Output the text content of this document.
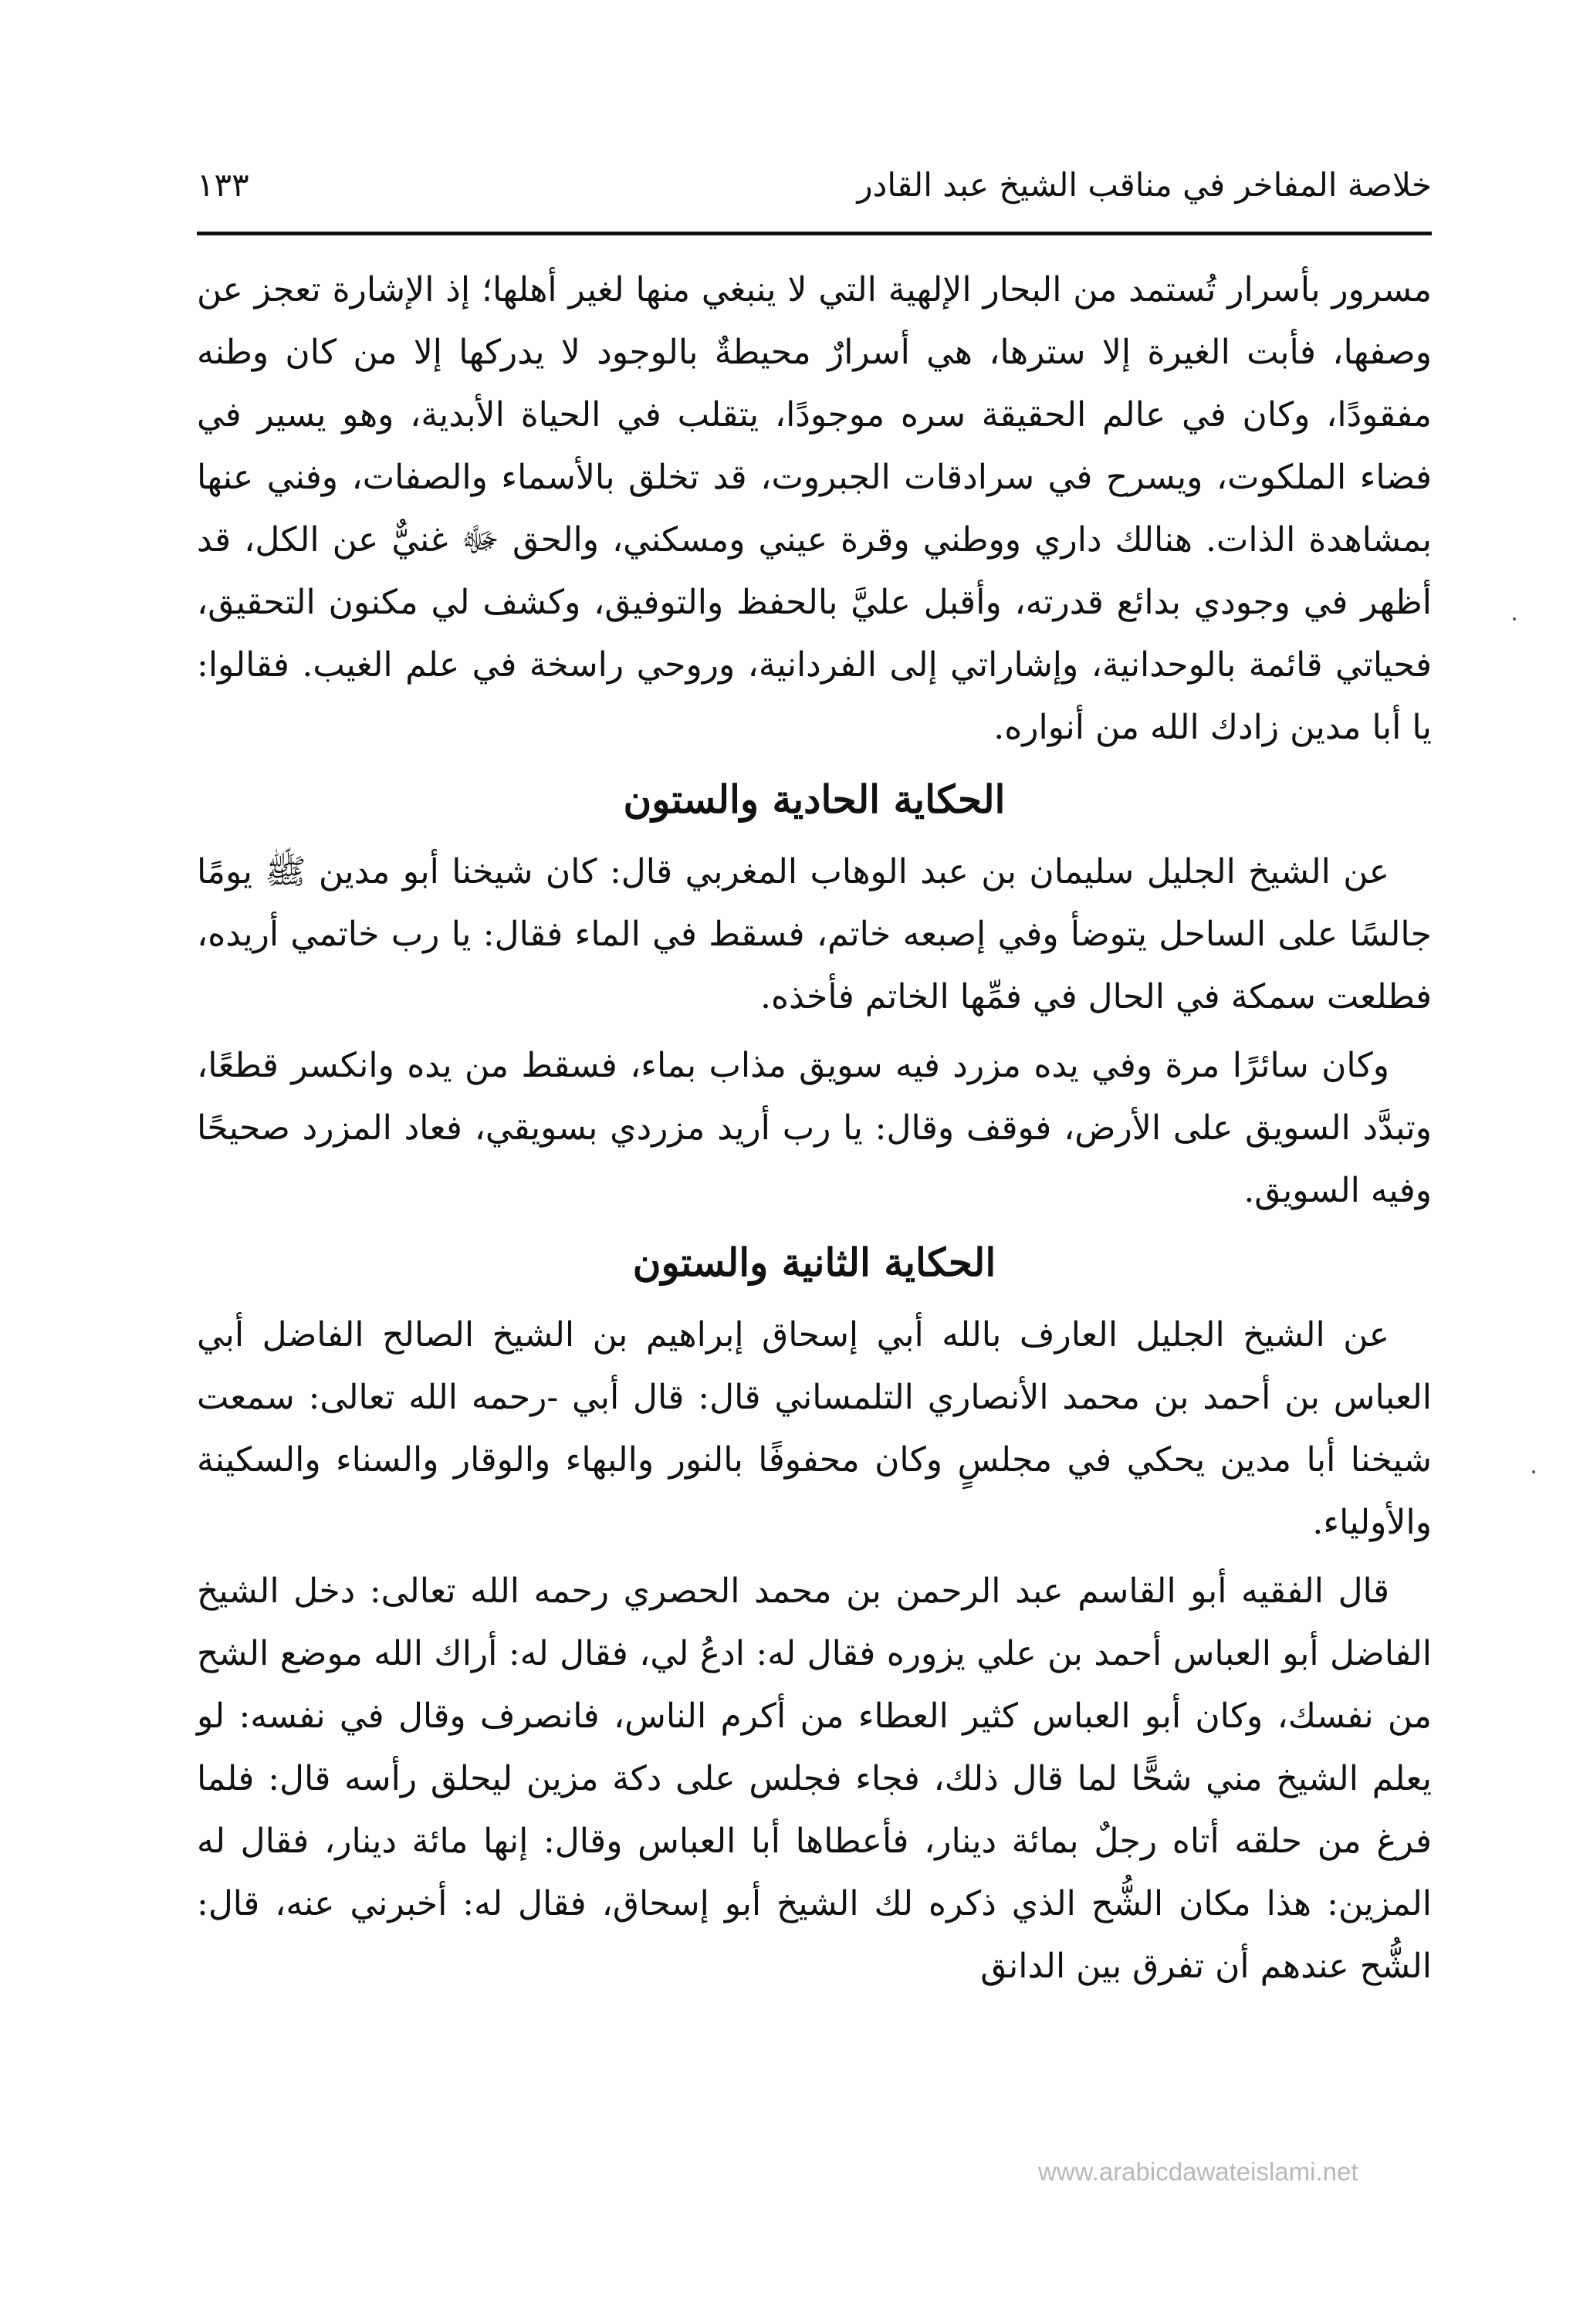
خلاصة المفاخر في مناقب الشيخ عبد القادر
١٣٣

مسرور بأسرار تُستمد من البحار الإلهية التي لا ينبغي منها لغير أهلها؛ إذ الإشارة تعجز عن وصفها، فأبت الغيرة إلا سترها، هي أسرارٌ محيطةٌ بالوجود لا يدركها إلا من كان وطنه مفقودًا، وكان في عالم الحقيقة سره موجودًا، يتقلب في الحياة الأبدية، وهو يسير في فضاء الملكوت، ويسرح في سرادقات الجبروت، قد تخلق بالأسماء والصفات، وفني عنها بمشاهدة الذات. هنالك داري ووطني وقرة عيني ومسكني، والحق ﷻ غنيٌّ عن الكل، قد أظهر في وجودي بدائع قدرته، وأقبل عليَّ بالحفظ والتوفيق، وكشف لي مكنون التحقيق، فحياتي قائمة بالوحدانية، وإشاراتي إلى الفردانية، وروحي راسخة في علم الغيب. فقالوا: يا أبا مدين زادك الله من أنواره.

الحكاية الحادية والستون

عن الشيخ الجليل سليمان بن عبد الوهاب المغربي قال: كان شيخنا أبو مدين ﷺ يومًا جالسًا على الساحل يتوضأ وفي إصبعه خاتم، فسقط في الماء فقال: يا رب خاتمي أريده، فطلعت سمكة في الحال في فمِّها الخاتم فأخذه.

وكان سائرًا مرة وفي يده مزرد فيه سويق مذاب بماء، فسقط من يده وانكسر قطعًا، وتبدَّد السويق على الأرض، فوقف وقال: يا رب أريد مزردي بسويقي، فعاد المزرد صحيحًا وفيه السويق.

الحكاية الثانية والستون

عن الشيخ الجليل العارف بالله أبي إسحاق إبراهيم بن الشيخ الصالح الفاضل أبي العباس بن أحمد بن محمد الأنصاري التلمساني قال: قال أبي -رحمه الله تعالى: سمعت شيخنا أبا مدين يحكي في مجلسٍ وكان محفوفًا بالنور والبهاء والوقار والسناء والسكينة والأولياء.

قال الفقيه أبو القاسم عبد الرحمن بن محمد الحصري رحمه الله تعالى: دخل الشيخ الفاضل أبو العباس أحمد بن علي يزوره فقال له: ادعُ لي، فقال له: أراك الله موضع الشح من نفسك، وكان أبو العباس كثير العطاء من أكرم الناس، فانصرف وقال في نفسه: لو يعلم الشيخ مني شحًّا لما قال ذلك، فجاء فجلس على دكة مزين ليحلق رأسه قال: فلما فرغ من حلقه أتاه رجلٌ بمائة دينار، فأعطاها أبا العباس وقال: إنها مائة دينار، فقال له المزين: هذا مكان الشُّح الذي ذكره لك الشيخ أبو إسحاق، فقال له: أخبرني عنه، قال: الشُّح عندهم أن تفرق بين الدانق

www.arabicdawateislami.net
